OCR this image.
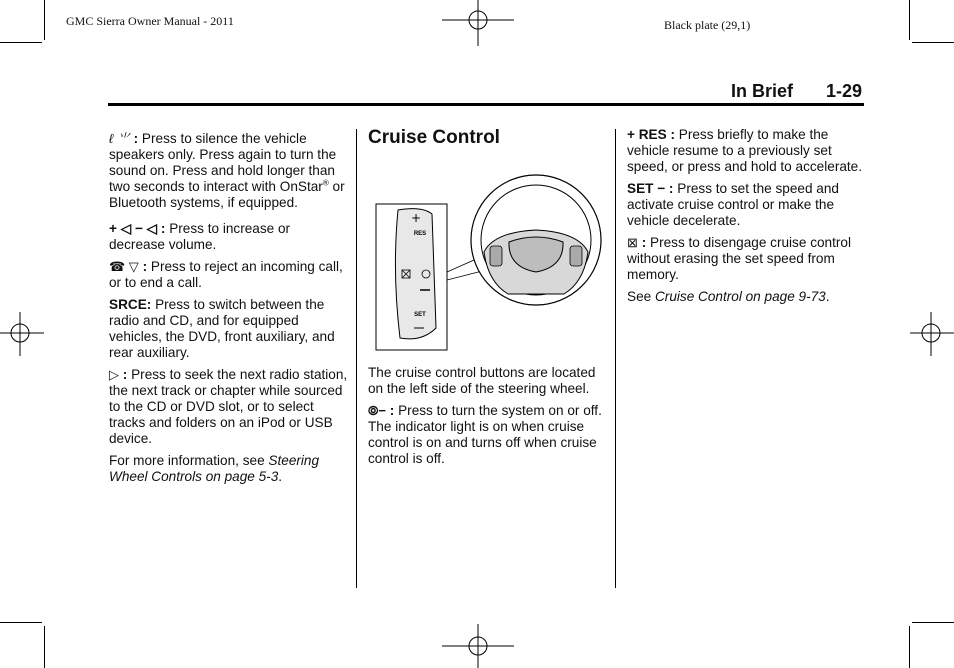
GMC Sierra Owner Manual - 2011	Black plate (29,1)
In Brief 1-29

ℓ ⺌ : Press to silence the vehicle speakers only. Press again to turn the sound on. Press and hold longer than two seconds to interact with OnStar® or Bluetooth systems, if equipped.

+ ◁ − ◁ : Press to increase or decrease volume.

☎ ▽ : Press to reject an incoming call, or to end a call.

SRCE: Press to switch between the radio and CD, and for equipped vehicles, the DVD, front auxiliary, and rear auxiliary.

▷ : Press to seek the next radio station, the next track or chapter while sourced to the CD or DVD slot, or to select tracks and folders on an iPod or USB device.

For more information, see Steering Wheel Controls on page 5-3.

Cruise Control
+
RES
SET

The cruise control buttons are located on the left side of the steering wheel.

⦾− : Press to turn the system on or off. The indicator light is on when cruise control is on and turns off when cruise control is off.

+ RES : Press briefly to make the vehicle resume to a previously set speed, or press and hold to accelerate.

SET − : Press to set the speed and activate cruise control or make the vehicle decelerate.

⊠ : Press to disengage cruise control without erasing the set speed from memory.

See Cruise Control on page 9-73.
